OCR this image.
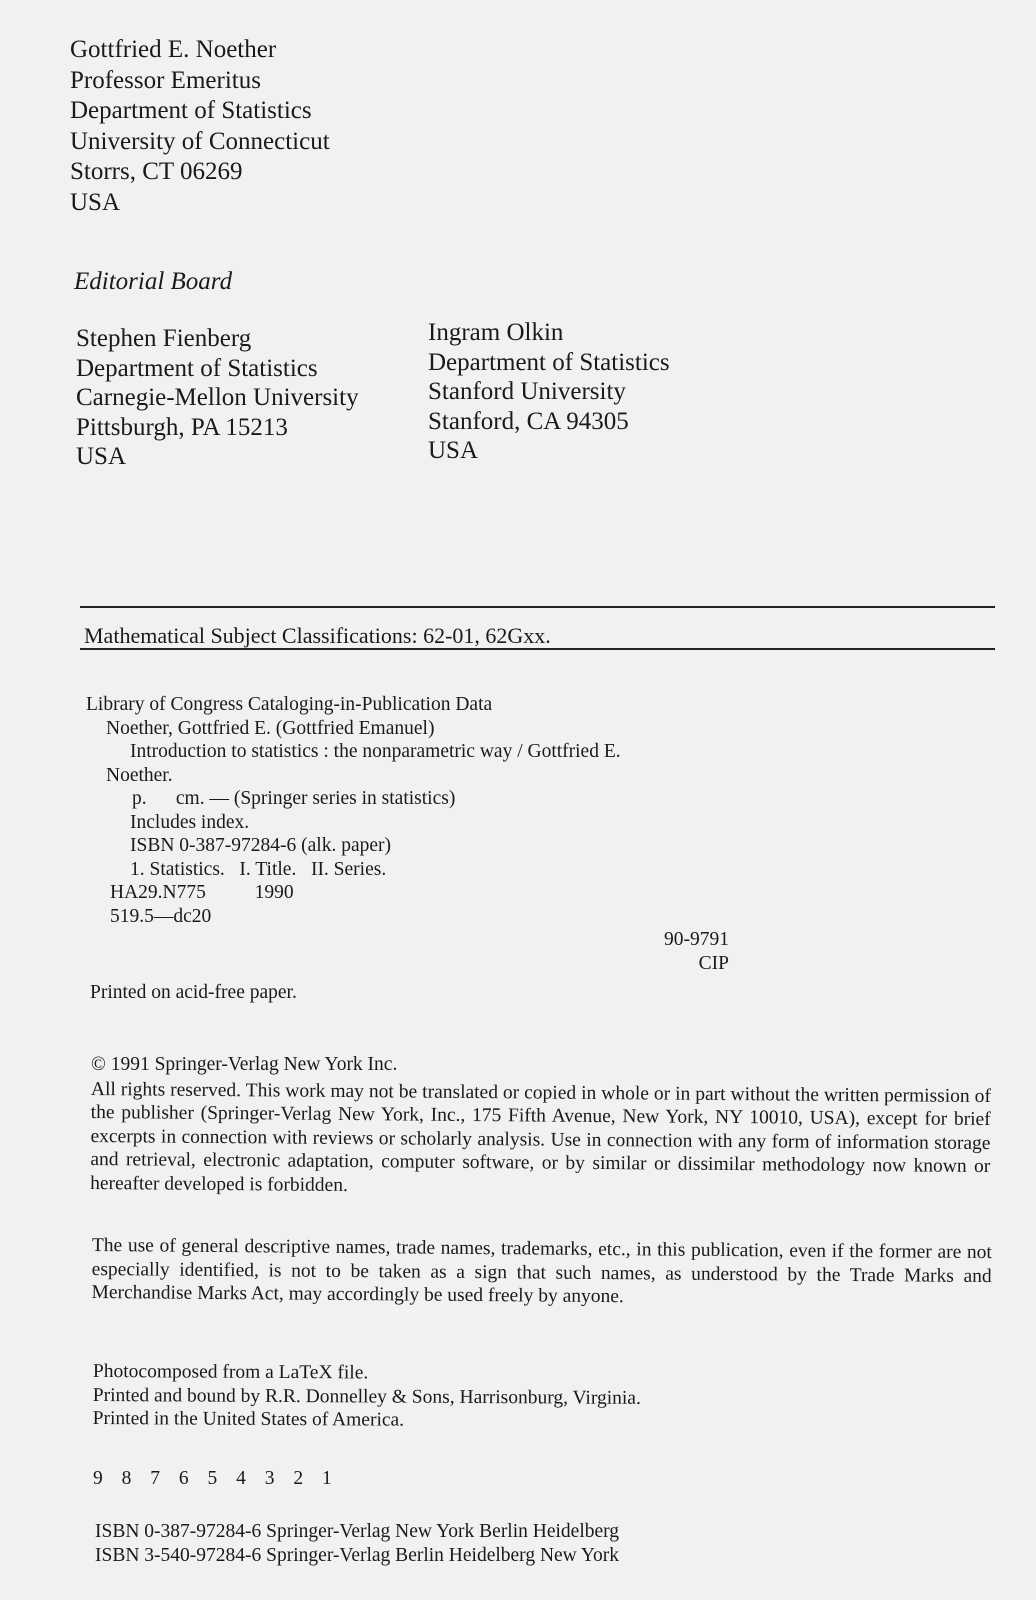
Gottfried E. Noether
Professor Emeritus
Department of Statistics
University of Connecticut
Storrs, CT 06269
USA
Editorial Board
Stephen Fienberg
Department of Statistics
Carnegie-Mellon University
Pittsburgh, PA 15213
USA
Ingram Olkin
Department of Statistics
Stanford University
Stanford, CA 94305
USA
Mathematical Subject Classifications: 62-01, 62Gxx.
Library of Congress Cataloging-in-Publication Data
Noether, Gottfried E. (Gottfried Emanuel)
Introduction to statistics : the nonparametric way / Gottfried E.
Noether.
p.      cm. — (Springer series in statistics)
Includes index.
ISBN 0-387-97284-6 (alk. paper)
1. Statistics.   I. Title.   II. Series.
HA29.N775          1990
519.5—dc20
90-9791
CIP
Printed on acid-free paper.
© 1991 Springer-Verlag New York Inc.
All rights reserved. This work may not be translated or copied in whole or in part without the written permission of the publisher (Springer-Verlag New York, Inc., 175 Fifth Avenue, New York, NY 10010, USA), except for brief excerpts in connection with reviews or scholarly analysis. Use in connection with any form of information storage and retrieval, electronic adaptation, computer software, or by similar or dissimilar methodology now known or hereafter developed is forbidden.
The use of general descriptive names, trade names, trademarks, etc., in this publication, even if the former are not especially identified, is not to be taken as a sign that such names, as understood by the Trade Marks and Merchandise Marks Act, may accordingly be used freely by anyone.
Photocomposed from a LaTeX file.
Printed and bound by R.R. Donnelley & Sons, Harrisonburg, Virginia.
Printed in the United States of America.
9 8 7 6 5 4 3 2 1
ISBN 0-387-97284-6 Springer-Verlag New York Berlin Heidelberg
ISBN 3-540-97284-6 Springer-Verlag Berlin Heidelberg New York
